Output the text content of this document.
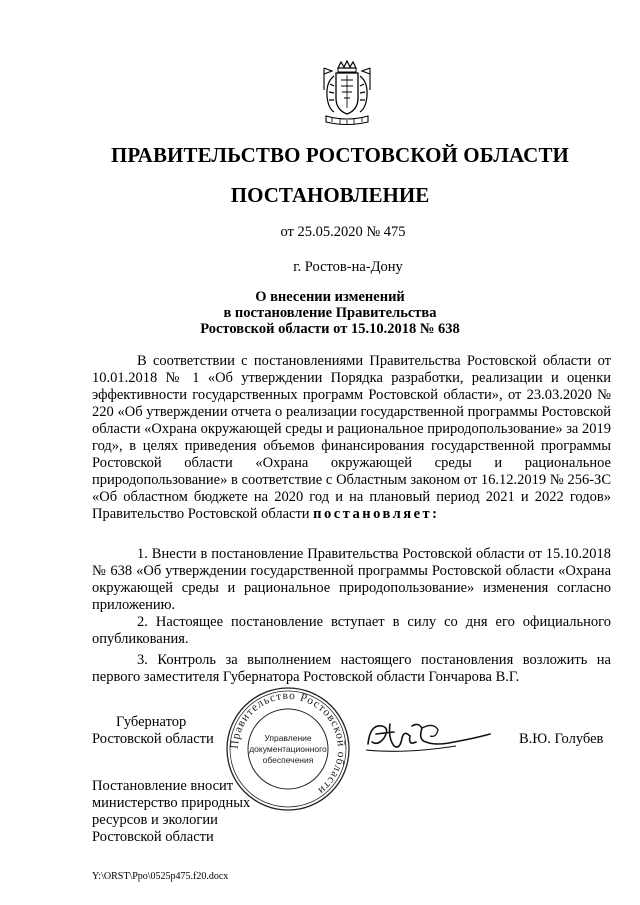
ПРАВИТЕЛЬСТВО РОСТОВСКОЙ ОБЛАСТИ

ПОСТАНОВЛЕНИЕ

от 25.05.2020 № 475

г. Ростов-на-Дону

О внесении изменений
в постановление Правительства
Ростовской области от 15.10.2018 № 638

В соответствии с постановлениями Правительства Ростовской области от 10.01.2018 № 1 «Об утверждении Порядка разработки, реализации и оценки эффективности государственных программ Ростовской области», от 23.03.2020 № 220 «Об утверждении отчета о реализации государственной программы Ростовской области «Охрана окружающей среды и рациональное природопользование» за 2019 год», в целях приведения объемов финансирования государственной программы Ростовской области «Охрана окружающей среды и рациональное природопользование» в соответствие с Областным законом от 16.12.2019 № 256-ЗС «Об областном бюджете на 2020 год и на плановый период 2021 и 2022 годов» Правительство Ростовской области постановляет:

1. Внести в постановление Правительства Ростовской области от 15.10.2018 № 638 «Об утверждении государственной программы Ростовской области «Охрана окружающей среды и рациональное природопользование» изменения согласно приложению.

2. Настоящее постановление вступает в силу со дня его официального опубликования.

3. Контроль за выполнением настоящего постановления возложить на первого заместителя Губернатора Ростовской области Гончарова В.Г.

Губернатор
Ростовской области Правительство Ростовской области
Управление
документационного
обеспечения

В.Ю. Голубев

Постановление вносит
министерство природных
ресурсов и экологии
Ростовской области

Y:\ORST\Ppo\0525p475.f20.docx
